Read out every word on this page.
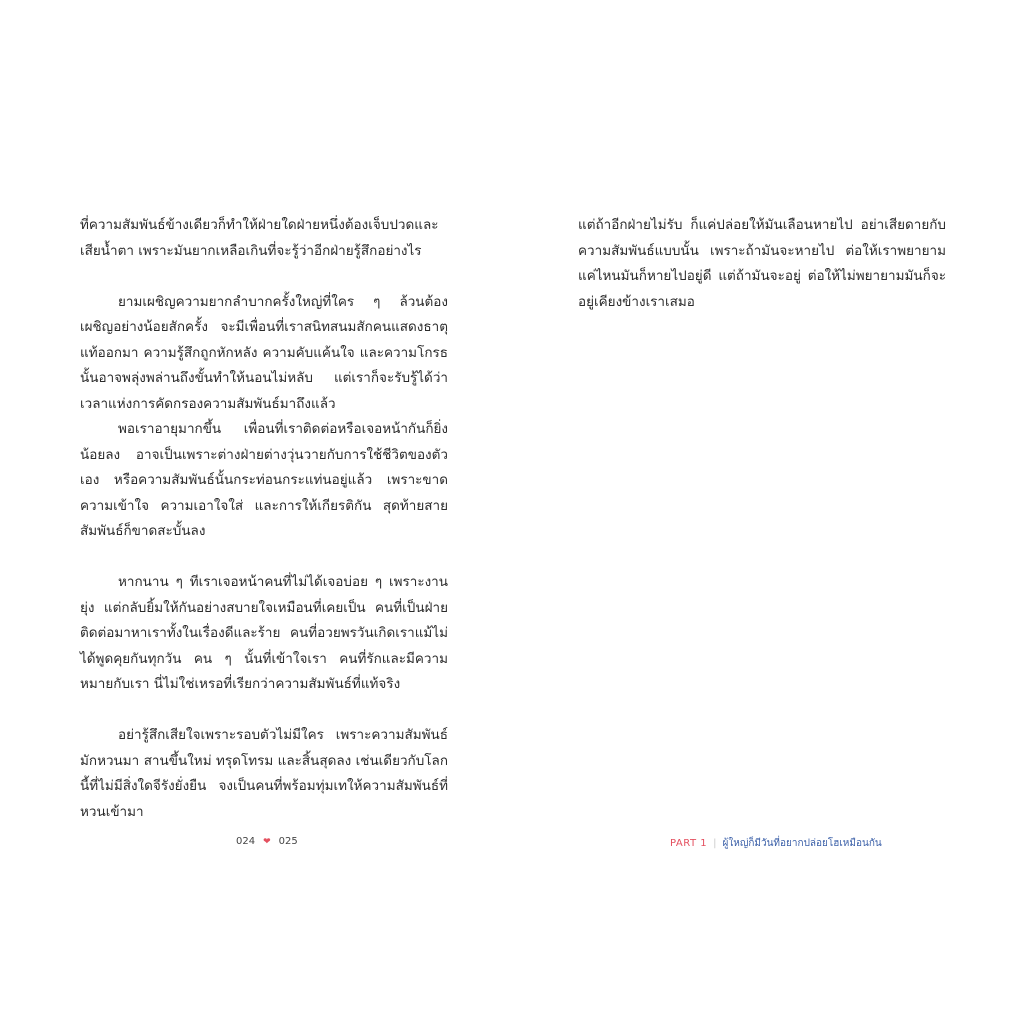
ที่ความสัมพันธ์ข้างเดียวก็ทำให้ฝ่ายใดฝ่ายหนึ่งต้องเจ็บปวดและเสียน้ำตา เพราะมันยากเหลือเกินที่จะรู้ว่าอีกฝ่ายรู้สึกอย่างไร

ยามเผชิญความยากลำบากครั้งใหญ่ที่ใคร ๆ ล้วนต้องเผชิญอย่างน้อยสักครั้ง จะมีเพื่อนที่เราสนิทสนมสักคนแสดงธาตุแท้ออกมา ความรู้สึกถูกหักหลัง ความคับแค้นใจ และความโกรธนั้นอาจพลุ่งพล่านถึงขั้นทำให้นอนไม่หลับ แต่เราก็จะรับรู้ได้ว่า เวลาแห่งการคัดกรองความสัมพันธ์มาถึงแล้ว

พอเราอายุมากขึ้น เพื่อนที่เราติดต่อหรือเจอหน้ากันก็ยิ่งน้อยลง อาจเป็นเพราะต่างฝ่ายต่างวุ่นวายกับการใช้ชีวิตของตัวเอง หรือความสัมพันธ์นั้นกระท่อนกระแท่นอยู่แล้ว เพราะขาดความเข้าใจ ความเอาใจใส่ และการให้เกียรติกัน สุดท้ายสายสัมพันธ์ก็ขาดสะบั้นลง

หากนาน ๆ ทีเราเจอหน้าคนที่ไม่ได้เจอบ่อย ๆ เพราะงานยุ่ง แต่กลับยิ้มให้กันอย่างสบายใจเหมือนที่เคยเป็น คนที่เป็นฝ่ายติดต่อมาหาเราทั้งในเรื่องดีและร้าย คนที่อวยพรวันเกิดเราแม้ไม่ได้พูดคุยกันทุกวัน คน ๆ นั้นที่เข้าใจเรา คนที่รักและมีความหมายกับเรา นี่ไม่ใช่เหรอที่เรียกว่าความสัมพันธ์ที่แท้จริง

อย่ารู้สึกเสียใจเพราะรอบตัวไม่มีใคร เพราะความสัมพันธ์มักหวนมา สานขึ้นใหม่ ทรุดโทรม และสิ้นสุดลง เช่นเดียวกับโลกนี้ที่ไม่มีสิ่งใดจีรังยั่งยืน จงเป็นคนที่พร้อมทุ่มเทให้ความสัมพันธ์ที่หวนเข้ามา

024 ❤ 025

แต่ถ้าอีกฝ่ายไม่รับ ก็แค่ปล่อยให้มันเลือนหายไป อย่าเสียดายกับความสัมพันธ์แบบนั้น เพราะถ้ามันจะหายไป ต่อให้เราพยายามแค่ไหนมันก็หายไปอยู่ดี แต่ถ้ามันจะอยู่ ต่อให้ไม่พยายามมันก็จะอยู่เคียงข้างเราเสมอ

PART 1 | ผู้ใหญ่ก็มีวันที่อยากปล่อยโฮเหมือนกัน
